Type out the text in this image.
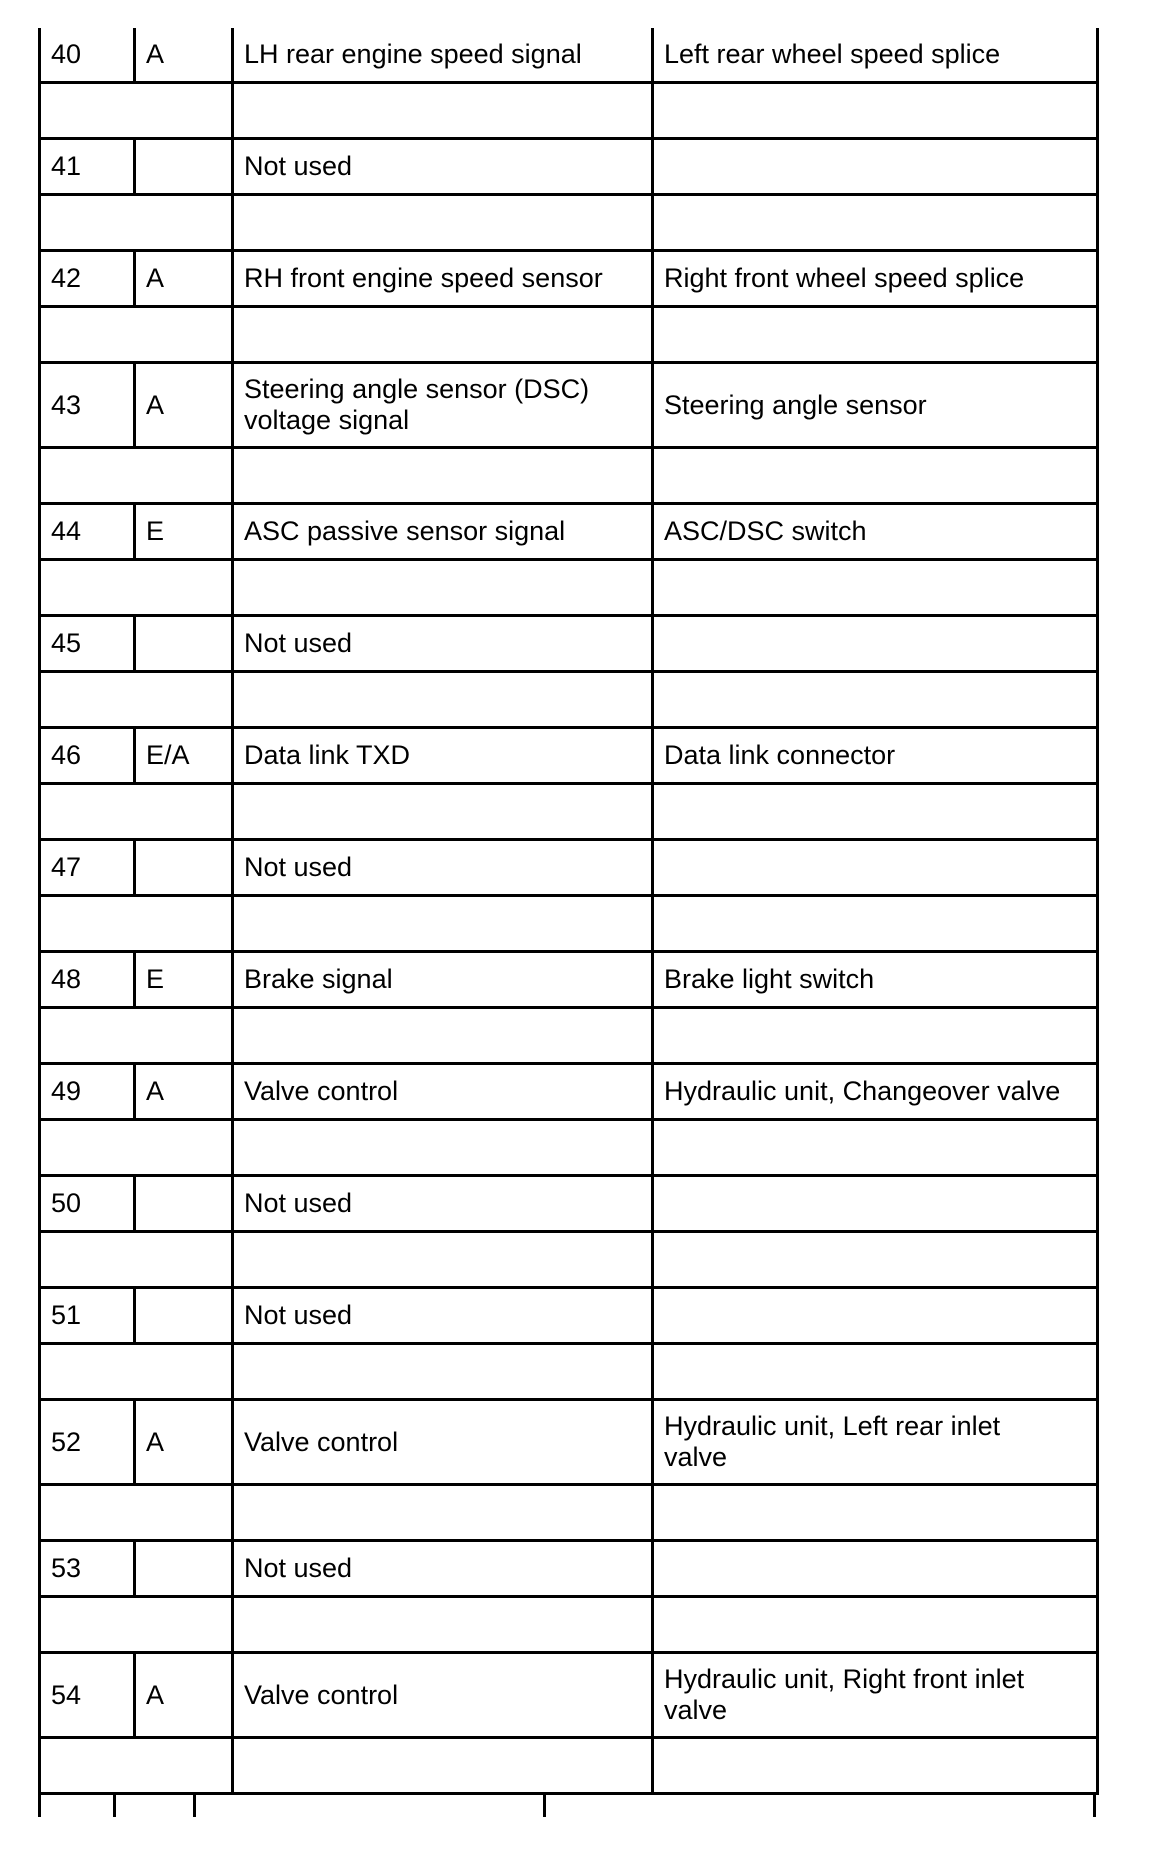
40	A	LH rear engine speed signal	Left rear wheel speed splice

41		Not used	

42	A	RH front engine speed sensor	Right front wheel speed splice

43	A	Steering angle sensor (DSC)
voltage signal	Steering angle sensor

44	E	ASC passive sensor signal	ASC/DSC switch

45		Not used	

46	E/A	Data link TXD	Data link connector

47		Not used	

48	E	Brake signal	Brake light switch

49	A	Valve control	Hydraulic unit, Changeover valve

50		Not used	

51		Not used	

52	A	Valve control	Hydraulic unit, Left rear inlet
valve

53		Not used	

54	A	Valve control	Hydraulic unit, Right front inlet
valve
